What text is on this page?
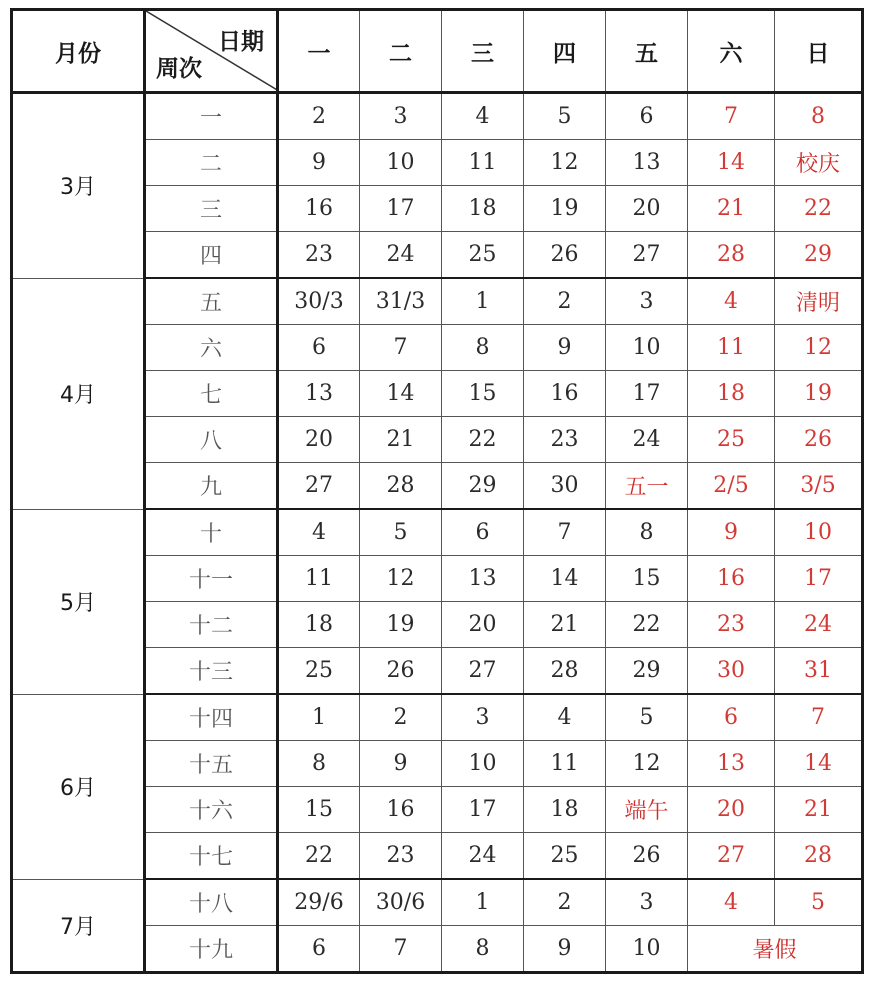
月份	日期
周次	一	二	三	四	五	六	日
3月	一	2	3	4	5	6	7	8
	二	9	10	11	12	13	14	校庆
	三	16	17	18	19	20	21	22
	四	23	24	25	26	27	28	29
4月	五	30/3	31/3	1	2	3	4	清明
	六	6	7	8	9	10	11	12
	七	13	14	15	16	17	18	19
	八	20	21	22	23	24	25	26
	九	27	28	29	30	五一	2/5	3/5
5月	十	4	5	6	7	8	9	10
	十一	11	12	13	14	15	16	17
	十二	18	19	20	21	22	23	24
	十三	25	26	27	28	29	30	31
6月	十四	1	2	3	4	5	6	7
	十五	8	9	10	11	12	13	14
	十六	15	16	17	18	端午	20	21
	十七	22	23	24	25	26	27	28
7月	十八	29/6	30/6	1	2	3	4	5
	十九	6	7	8	9	10	暑假	
